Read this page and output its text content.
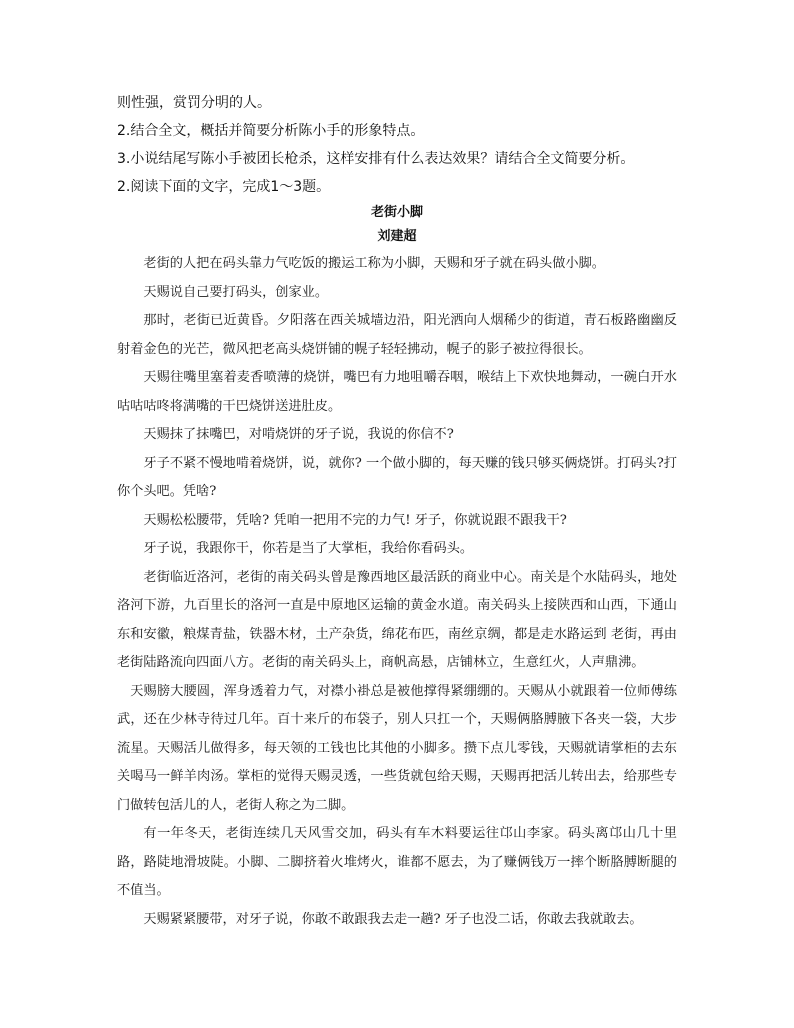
则性强，赏罚分明的人。
2.结合全文，概括并简要分析陈小手的形象特点。
3.小说结尾写陈小手被团长枪杀，这样安排有什么表达效果？请结合全文简要分析。
2.阅读下面的文字，完成1～3题。
老街小脚
刘建超

老街的人把在码头靠力气吃饭的搬运工称为小脚，天赐和牙子就在码头做小脚。

天赐说自己要打码头，创家业。

那时，老街已近黄昏。夕阳落在西关城墙边沿，阳光洒向人烟稀少的街道，青石板路幽幽反射着金色的光芒，微风把老高头烧饼铺的幌子轻轻拂动，幌子的影子被拉得很长。

天赐往嘴里塞着麦香喷薄的烧饼，嘴巴有力地咀嚼吞咽，喉结上下欢快地舞动，一碗白开水咕咕咕咚将满嘴的干巴烧饼送进肚皮。

天赐抹了抹嘴巴，对啃烧饼的牙子说，我说的你信不?

牙子不紧不慢地啃着烧饼，说，就你? 一个做小脚的，每天赚的钱只够买俩烧饼。打码头?打你个头吧。凭啥?

天赐松松腰带，凭啥? 凭咱一把用不完的力气! 牙子，你就说跟不跟我干?

牙子说，我跟你干，你若是当了大掌柜，我给你看码头。

老街临近洛河，老街的南关码头曾是豫西地区最活跃的商业中心。南关是个水陆码头，地处洛河下游，九百里长的洛河一直是中原地区运输的黄金水道。南关码头上接陕西和山西，下通山东和安徽，粮煤青盐，铁器木材，土产杂货，绵花布匹，南丝京绸，都是走水路运到 老街，再由老街陆路流向四面八方。老街的南关码头上，商帆高悬，店铺林立，生意红火，人声鼎沸。

天赐膀大腰圆，浑身透着力气，对襟小褂总是被他撑得紧绷绷的。天赐从小就跟着一位师傅练武，还在少林寺待过几年。百十来斤的布袋子，别人只扛一个，天赐俩胳膊腋下各夹一袋，大步流星。天赐活儿做得多，每天领的工钱也比其他的小脚多。攒下点儿零钱，天赐就请掌柜的去东关喝马一鲜羊肉汤。掌柜的觉得天赐灵透，一些货就包给天赐，天赐再把活儿转出去，给那些专门做转包活儿的人，老街人称之为二脚。

有一年冬天，老街连续几天风雪交加，码头有车木料要运往邙山李家。码头离邙山几十里路，路陡地滑坡陡。小脚、二脚挤着火堆烤火，谁都不愿去，为了赚俩钱万一摔个断胳膊断腿的不值当。

天赐紧紧腰带，对牙子说，你敢不敢跟我去走一趟? 牙子也没二话，你敢去我就敢去。
